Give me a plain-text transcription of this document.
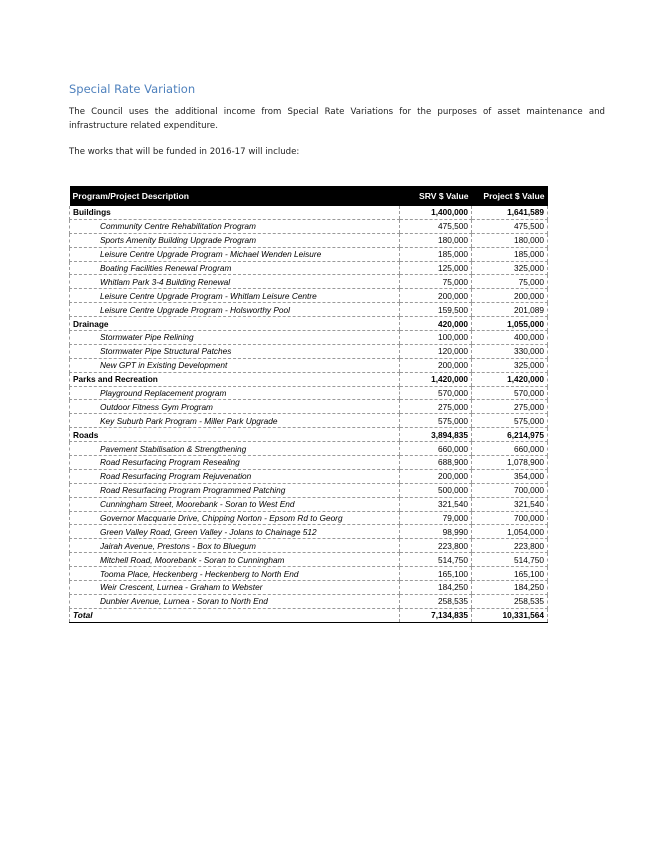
Special Rate Variation
The Council uses the additional income from Special Rate Variations for the purposes of asset maintenance and infrastructure related expenditure.
The works that will be funded in 2016-17 will include:
Program/Project Description	SRV $ Value	Project $ Value
Buildings	1,400,000	1,641,589
Community Centre Rehabilitation Program	475,500	475,500
Sports Amenity Building Upgrade Program	180,000	180,000
Leisure Centre Upgrade Program - Michael Wenden Leisure	185,000	185,000
Boating Facilities Renewal Program	125,000	325,000
Whitlam Park 3-4 Building Renewal	75,000	75,000
Leisure Centre Upgrade Program - Whitlam Leisure Centre	200,000	200,000
Leisure Centre Upgrade Program - Holsworthy Pool	159,500	201,089
Drainage	420,000	1,055,000
Stormwater Pipe Relining	100,000	400,000
Stormwater Pipe Structural Patches	120,000	330,000
New GPT in Existing Development	200,000	325,000
Parks and Recreation	1,420,000	1,420,000
Playground Replacement program	570,000	570,000
Outdoor Fitness Gym Program	275,000	275,000
Key Suburb Park Program - Miller Park Upgrade	575,000	575,000
Roads	3,894,835	6,214,975
Pavement Stabilisation & Strengthening	660,000	660,000
Road Resurfacing Program Resealing	688,900	1,078,900
Road Resurfacing Program Rejuvenation	200,000	354,000
Road Resurfacing Program Programmed Patching	500,000	700,000
Cunningham Street, Moorebank - Soran to West End	321,540	321,540
Governor Macquarie Drive, Chipping Norton - Epsom Rd to Georg	79,000	700,000
Green Valley Road, Green Valley - Jolans to Chainage 512	98,990	1,054,000
Jairah Avenue, Prestons - Box to Bluegum	223,800	223,800
Mitchell Road, Moorebank - Soran to Cunningham	514,750	514,750
Tooma Place, Heckenberg - Heckenberg to North End	165,100	165,100
Weir Crescent, Lurnea - Graham to Webster	184,250	184,250
Dunbier Avenue, Lurnea - Soran to North End	258,535	258,535
Total	7,134,835	10,331,564
